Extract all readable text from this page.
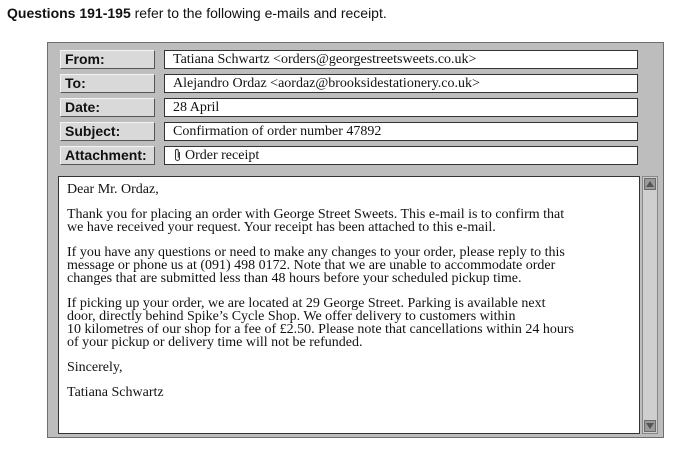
Questions 191-195 refer to the following e-mails and receipt.
From:	Tatiana Schwartz <orders@georgestreetsweets.co.uk>
To:	Alejandro Ordaz <aordaz@brooksidestationery.co.uk>
Date:	28 April
Subject:	Confirmation of order number 47892
Attachment:	Order receipt

Dear Mr. Ordaz,

Thank you for placing an order with George Street Sweets. This e-mail is to confirm that
we have received your request. Your receipt has been attached to this e-mail.

If you have any questions or need to make any changes to your order, please reply to this
message or phone us at (091) 498 0172. Note that we are unable to accommodate order
changes that are submitted less than 48 hours before your scheduled pickup time.

If picking up your order, we are located at 29 George Street. Parking is available next
door, directly behind Spike’s Cycle Shop. We offer delivery to customers within
10 kilometres of our shop for a fee of £2.50. Please note that cancellations within 24 hours
of your pickup or delivery time will not be refunded.

Sincerely,

Tatiana Schwartz
